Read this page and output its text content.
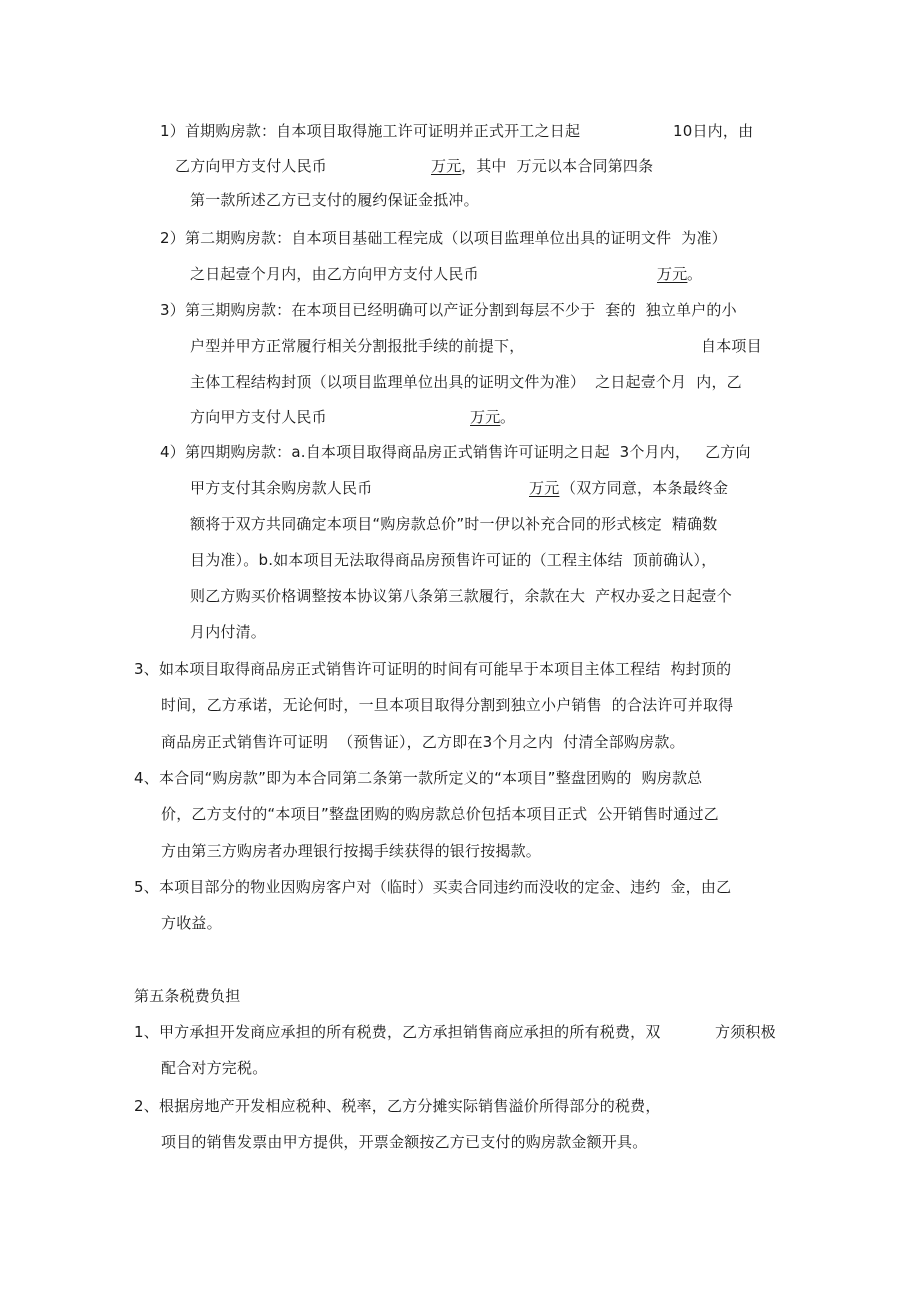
1）首期购房款：自本项目取得施工许可证明并正式开工之日起	10日内，由
乙方向甲方支付人民币	万元 ，其中  万元以本合同第四条
第一款所述乙方已支付的履约保证金抵冲。
2）第二期购房款：自本项目基础工程完成（以项目监理单位出具的证明文件  为准）
之日起壹个月内，由乙方向甲方支付人民币	万元 。
3）第三期购房款：在本项目已经明确可以产证分割到每层不少于  套的  独立单户的小
户型并甲方正常履行相关分割报批手续的前提下，	自本项目
主体工程结构封顶（以项目监理单位出具的证明文件为准）  之日起壹个月  内，乙
方向甲方支付人民币	万元 。
4）第四期购房款：a.自本项目取得商品房正式销售许可证明之日起  3个月内，   乙方向
甲方支付其余购房款人民币	万元 （双方同意，本条最终金
额将于双方共同确定本项目“购房款总价”时一伊以补充合同的形式核定  精确数
目为准）。b.如本项目无法取得商品房预售许可证的（工程主体结  顶前确认），
则乙方购买价格调整按本协议第八条第三款履行，余款在大  产权办妥之日起壹个
月内付清。
3、如本项目取得商品房正式销售许可证明的时间有可能早于本项目主体工程结  构封顶的
时间，乙方承诺，无论何时，一旦本项目取得分割到独立小户销售  的合法许可并取得
商品房正式销售许可证明  （预售证），乙方即在3个月之内  付清全部购房款。
4、本合同“购房款”即为本合同第二条第一款所定义的“本项目”整盘团购的  购房款总
价，乙方支付的“本项目”整盘团购的购房款总价包括本项目正式  公开销售时通过乙
方由第三方购房者办理银行按揭手续获得的银行按揭款。
5、本项目部分的物业因购房客户对（临时）买卖合同违约而没收的定金、违约  金，由乙
方收益。
第五条税费负担
1、甲方承担开发商应承担的所有税费，乙方承担销售商应承担的所有税费，双	方须积极
配合对方完税。
2、根据房地产开发相应税种、税率，乙方分摊实际销售溢价所得部分的税费，
项目的销售发票由甲方提供，开票金额按乙方已支付的购房款金额开具。
